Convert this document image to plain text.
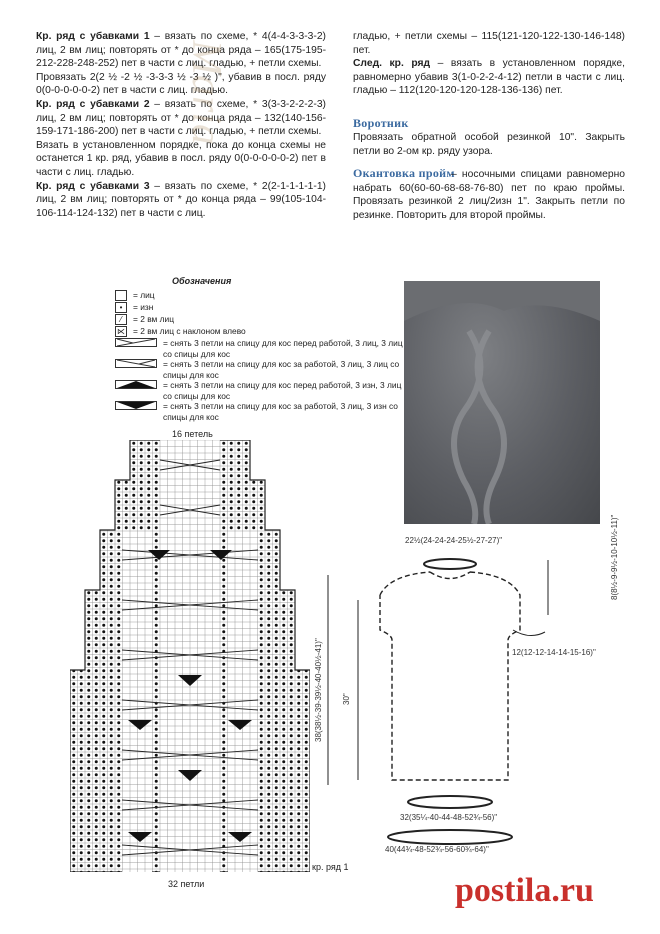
Кр. ряд с убавками 1 – вязать по схеме, * 4(4-4-3-3-3-2) лиц, 2 вм лиц; повторять от * до конца ряда – 165(175-195-212-228-248-252) пет в части с лиц. гладью, + петли схемы.
Провязать 2(2 ½ -2 ½ -3-3-3 ½ -3 ½ )", убавив в посл. ряду 0(0-0-0-0-0-2) пет в части с лиц. гладью.
Кр. ряд с убавками 2 – вязать по схеме, * 3(3-3-2-2-2-3) лиц, 2 вм лиц; повторять от * до конца ряда – 132(140-156-159-171-186-200) пет в части с лиц. гладью, + петли схемы.
Вязать в установленном порядке, пока до конца схемы не останется 1 кр. ряд, убавив в посл. ряду 0(0-0-0-0-0-2) пет в части с лиц. гладью.
Кр. ряд с убавками 3 – вязать по схеме, * 2(2-1-1-1-1-1) лиц, 2 вм лиц; повторять от * до конца ряда – 99(105-104-106-114-124-132) пет в части с лиц.
Maria
гладью, + петли схемы – 115(121-120-122-130-146-148) пет.
След. кр. ряд – вязать в установленном порядке, равномерно убавив 3(1-0-2-2-4-12) петли в части с лиц. гладью – 112(120-120-120-128-136-136) пет.
Воротник
Провязать обратной особой резинкой 10". Закрыть петли во 2-ом кр. ряду узора.
Окантовка пройм
– носочными спицами равномерно набрать 60(60-60-68-68-76-80) пет по краю проймы. Провязать резинкой 2 лиц/2изн 1". Закрыть петли по резинке. Повторить для второй проймы.
Обозначения
= лиц
•	= изн
⁄	= 2 вм лиц
⋉ = 2 вм лиц с наклоном влево
= снять 3 петли на спицу для кос перед работой, 3 лиц, 3 лиц со спицы для кос
= снять 3 петли на спицу для кос за работой, 3 лиц, 3 лиц со спицы для кос
= снять 3 петли на спицу для кос перед работой, 3 изн, 3 лиц со спицы для кос
= снять 3 петли на спицу для кос за работой, 3 лиц, 3 изн со спицы для кос
16 петель
32 петли
кр. ряд 1
22½(24-24-24-25½-27-27)"	8(8½-9-9½-10-10½-11)"
12(12-12-14-14-15-16)"
38(38½-39-39½-40-40½-41)" 30"
32(35¼-40-44-48-52¾-56)"
40(44¾-48-52¾-56-60¾-64)"
postila.ru
